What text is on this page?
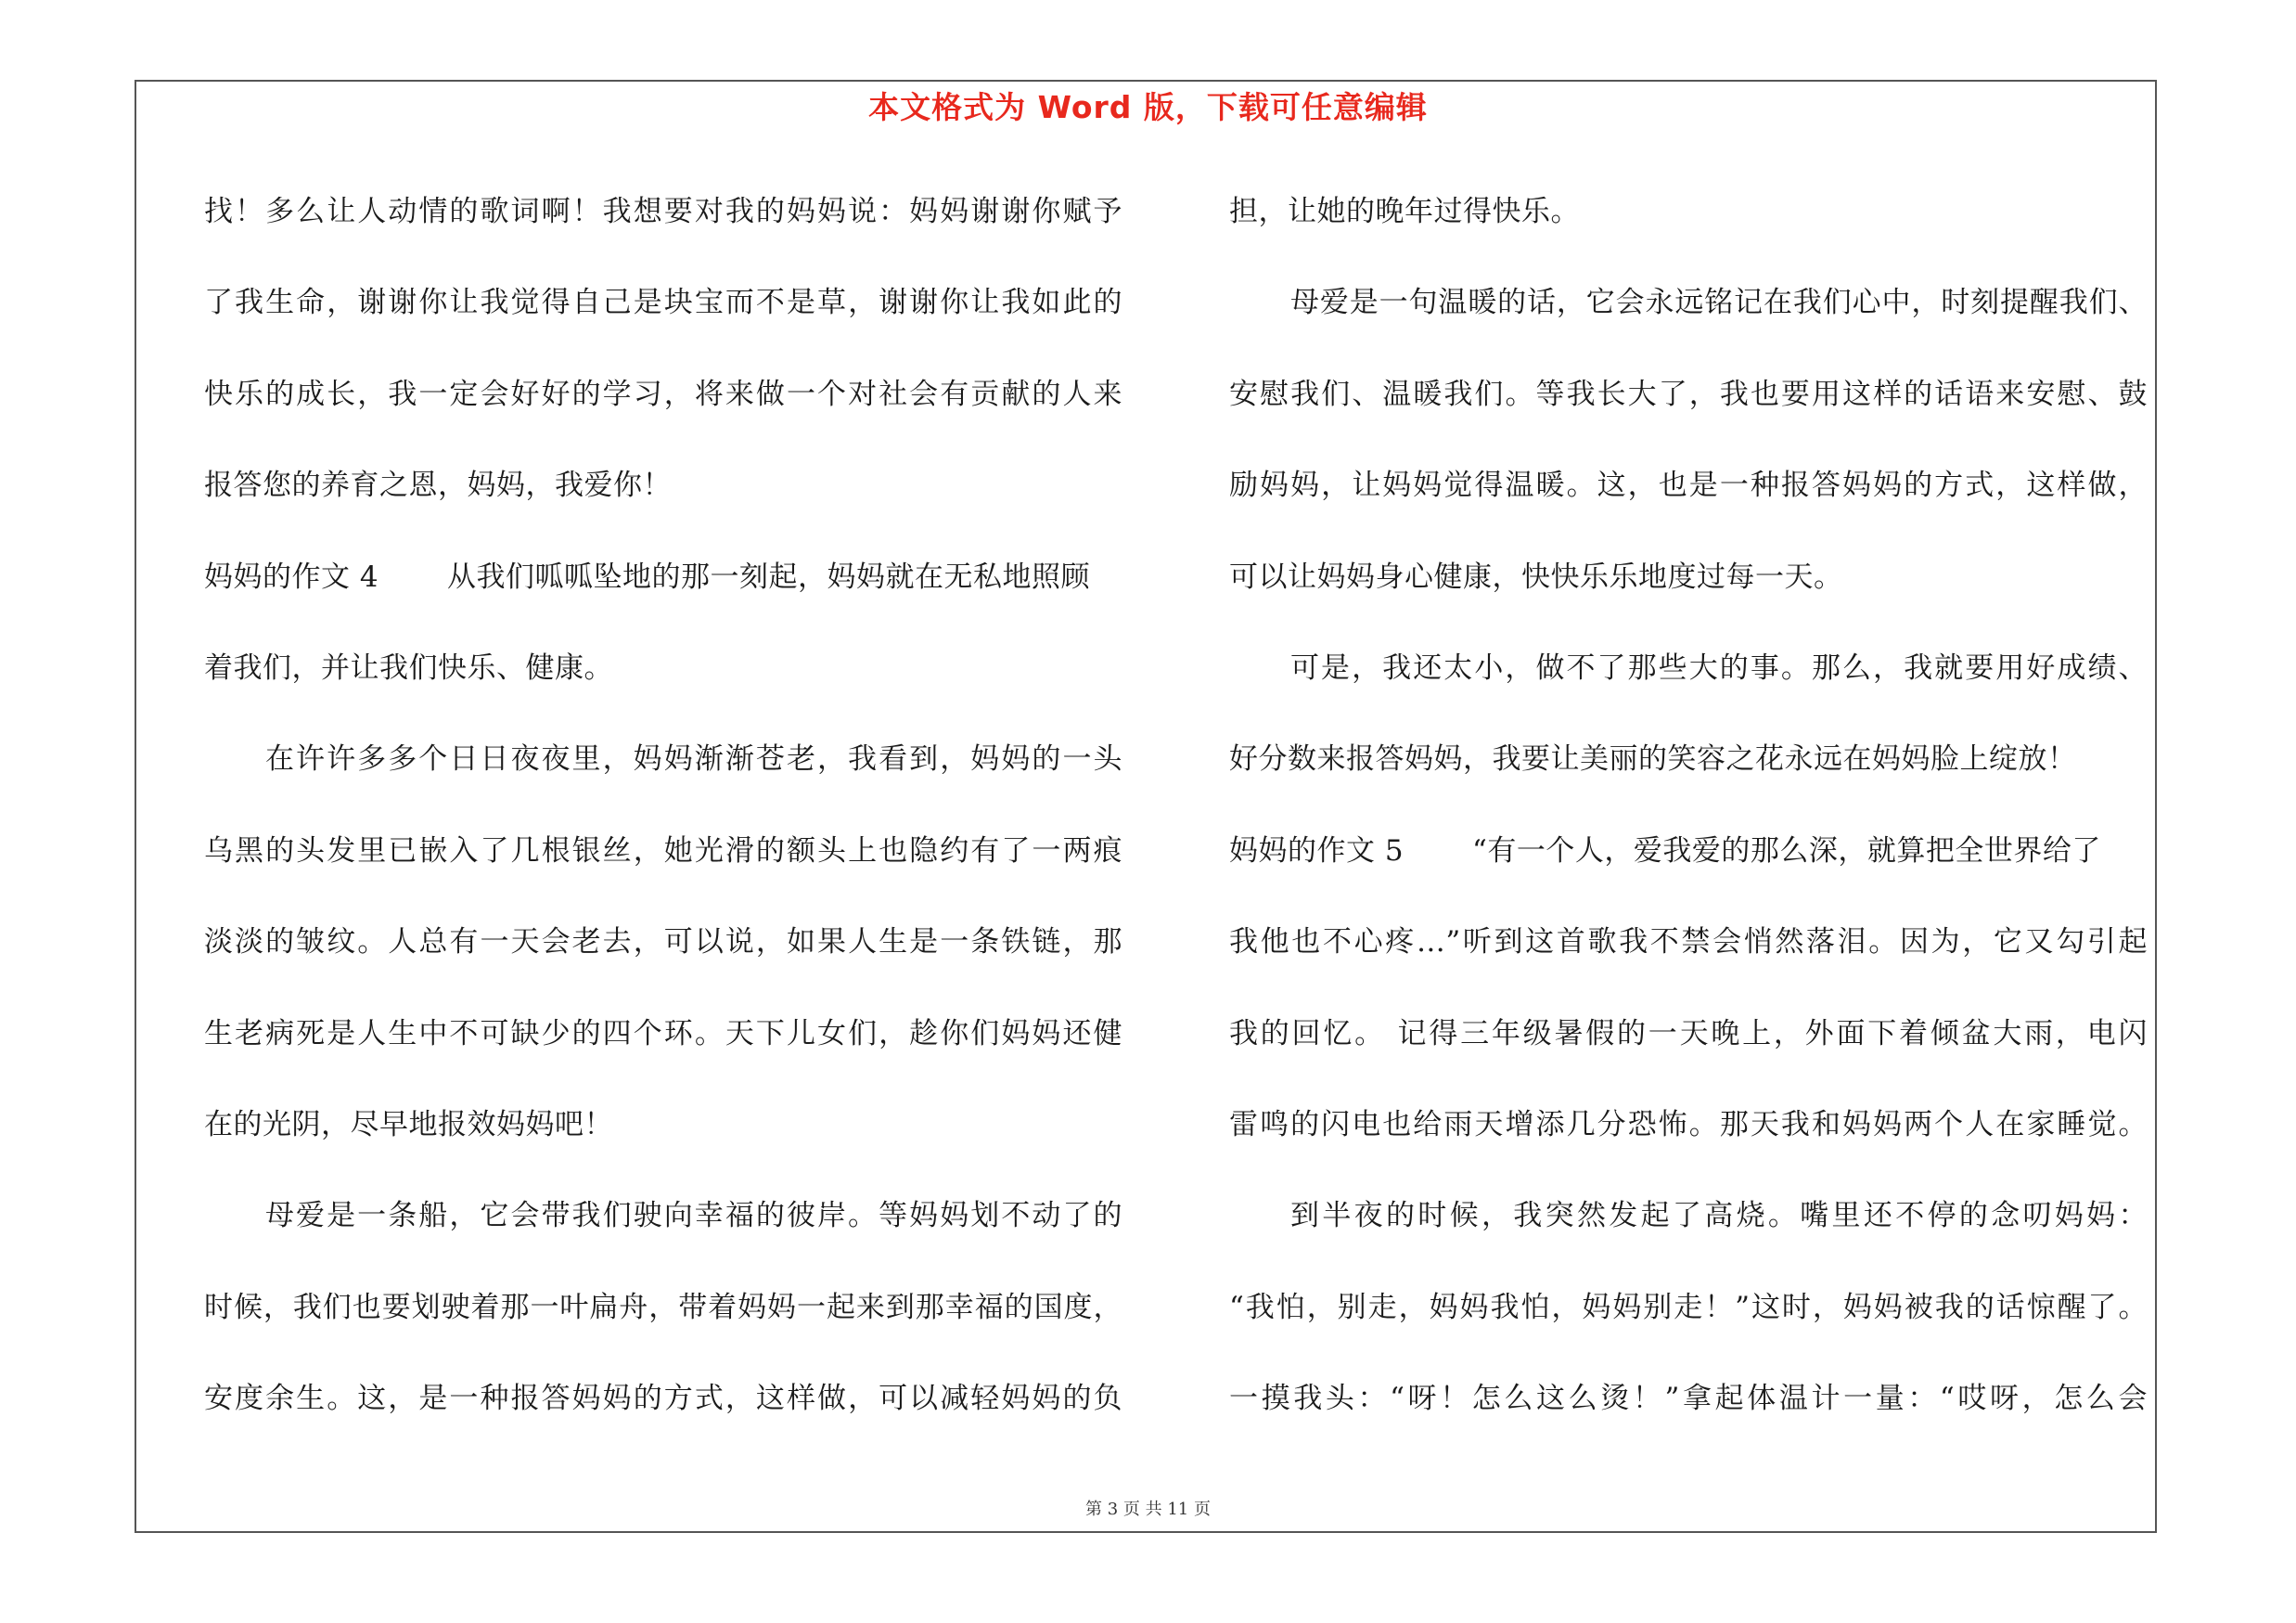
本文格式为 Word 版，下载可任意编辑
找！多么让人动情的歌词啊！我想要对我的妈妈说：妈妈谢谢你赋予
了我生命，谢谢你让我觉得自己是块宝而不是草，谢谢你让我如此的
快乐的成长，我一定会好好的学习，将来做一个对社会有贡献的人来
报答您的养育之恩，妈妈，我爱你！
妈妈的作文 4 从我们呱呱坠地的那一刻起，妈妈就在无私地照顾
着我们，并让我们快乐、健康。
在许许多多个日日夜夜里，妈妈渐渐苍老，我看到，妈妈的一头
乌黑的头发里已嵌入了几根银丝，她光滑的额头上也隐约有了一两痕
淡淡的皱纹。人总有一天会老去，可以说，如果人生是一条铁链，那
生老病死是人生中不可缺少的四个环。天下儿女们，趁你们妈妈还健
在的光阴，尽早地报效妈妈吧！
母爱是一条船，它会带我们驶向幸福的彼岸。等妈妈划不动了的
时候，我们也要划驶着那一叶扁舟，带着妈妈一起来到那幸福的国度，
安度余生。这，是一种报答妈妈的方式，这样做，可以减轻妈妈的负
担，让她的晚年过得快乐。
母爱是一句温暖的话，它会永远铭记在我们心中，时刻提醒我们、
安慰我们、温暖我们。等我长大了，我也要用这样的话语来安慰、鼓
励妈妈，让妈妈觉得温暖。这，也是一种报答妈妈的方式，这样做，
可以让妈妈身心健康，快快乐乐地度过每一天。
可是，我还太小，做不了那些大的事。那么，我就要用好成绩、
好分数来报答妈妈，我要让美丽的笑容之花永远在妈妈脸上绽放！
妈妈的作文 5 “有一个人，爱我爱的那么深，就算把全世界给了
我他也不心疼…”听到这首歌我不禁会悄然落泪。因为，它又勾引起
我的回忆。 记得三年级暑假的一天晚上，外面下着倾盆大雨，电闪
雷鸣的闪电也给雨天增添几分恐怖。那天我和妈妈两个人在家睡觉。
到半夜的时候，我突然发起了高烧。嘴里还不停的念叨妈妈：
“我怕，别走，妈妈我怕，妈妈别走！”这时，妈妈被我的话惊醒了。
一摸我头：“呀！怎么这么烫！”拿起体温计一量：“哎呀，怎么会
第 3 页 共 11 页
